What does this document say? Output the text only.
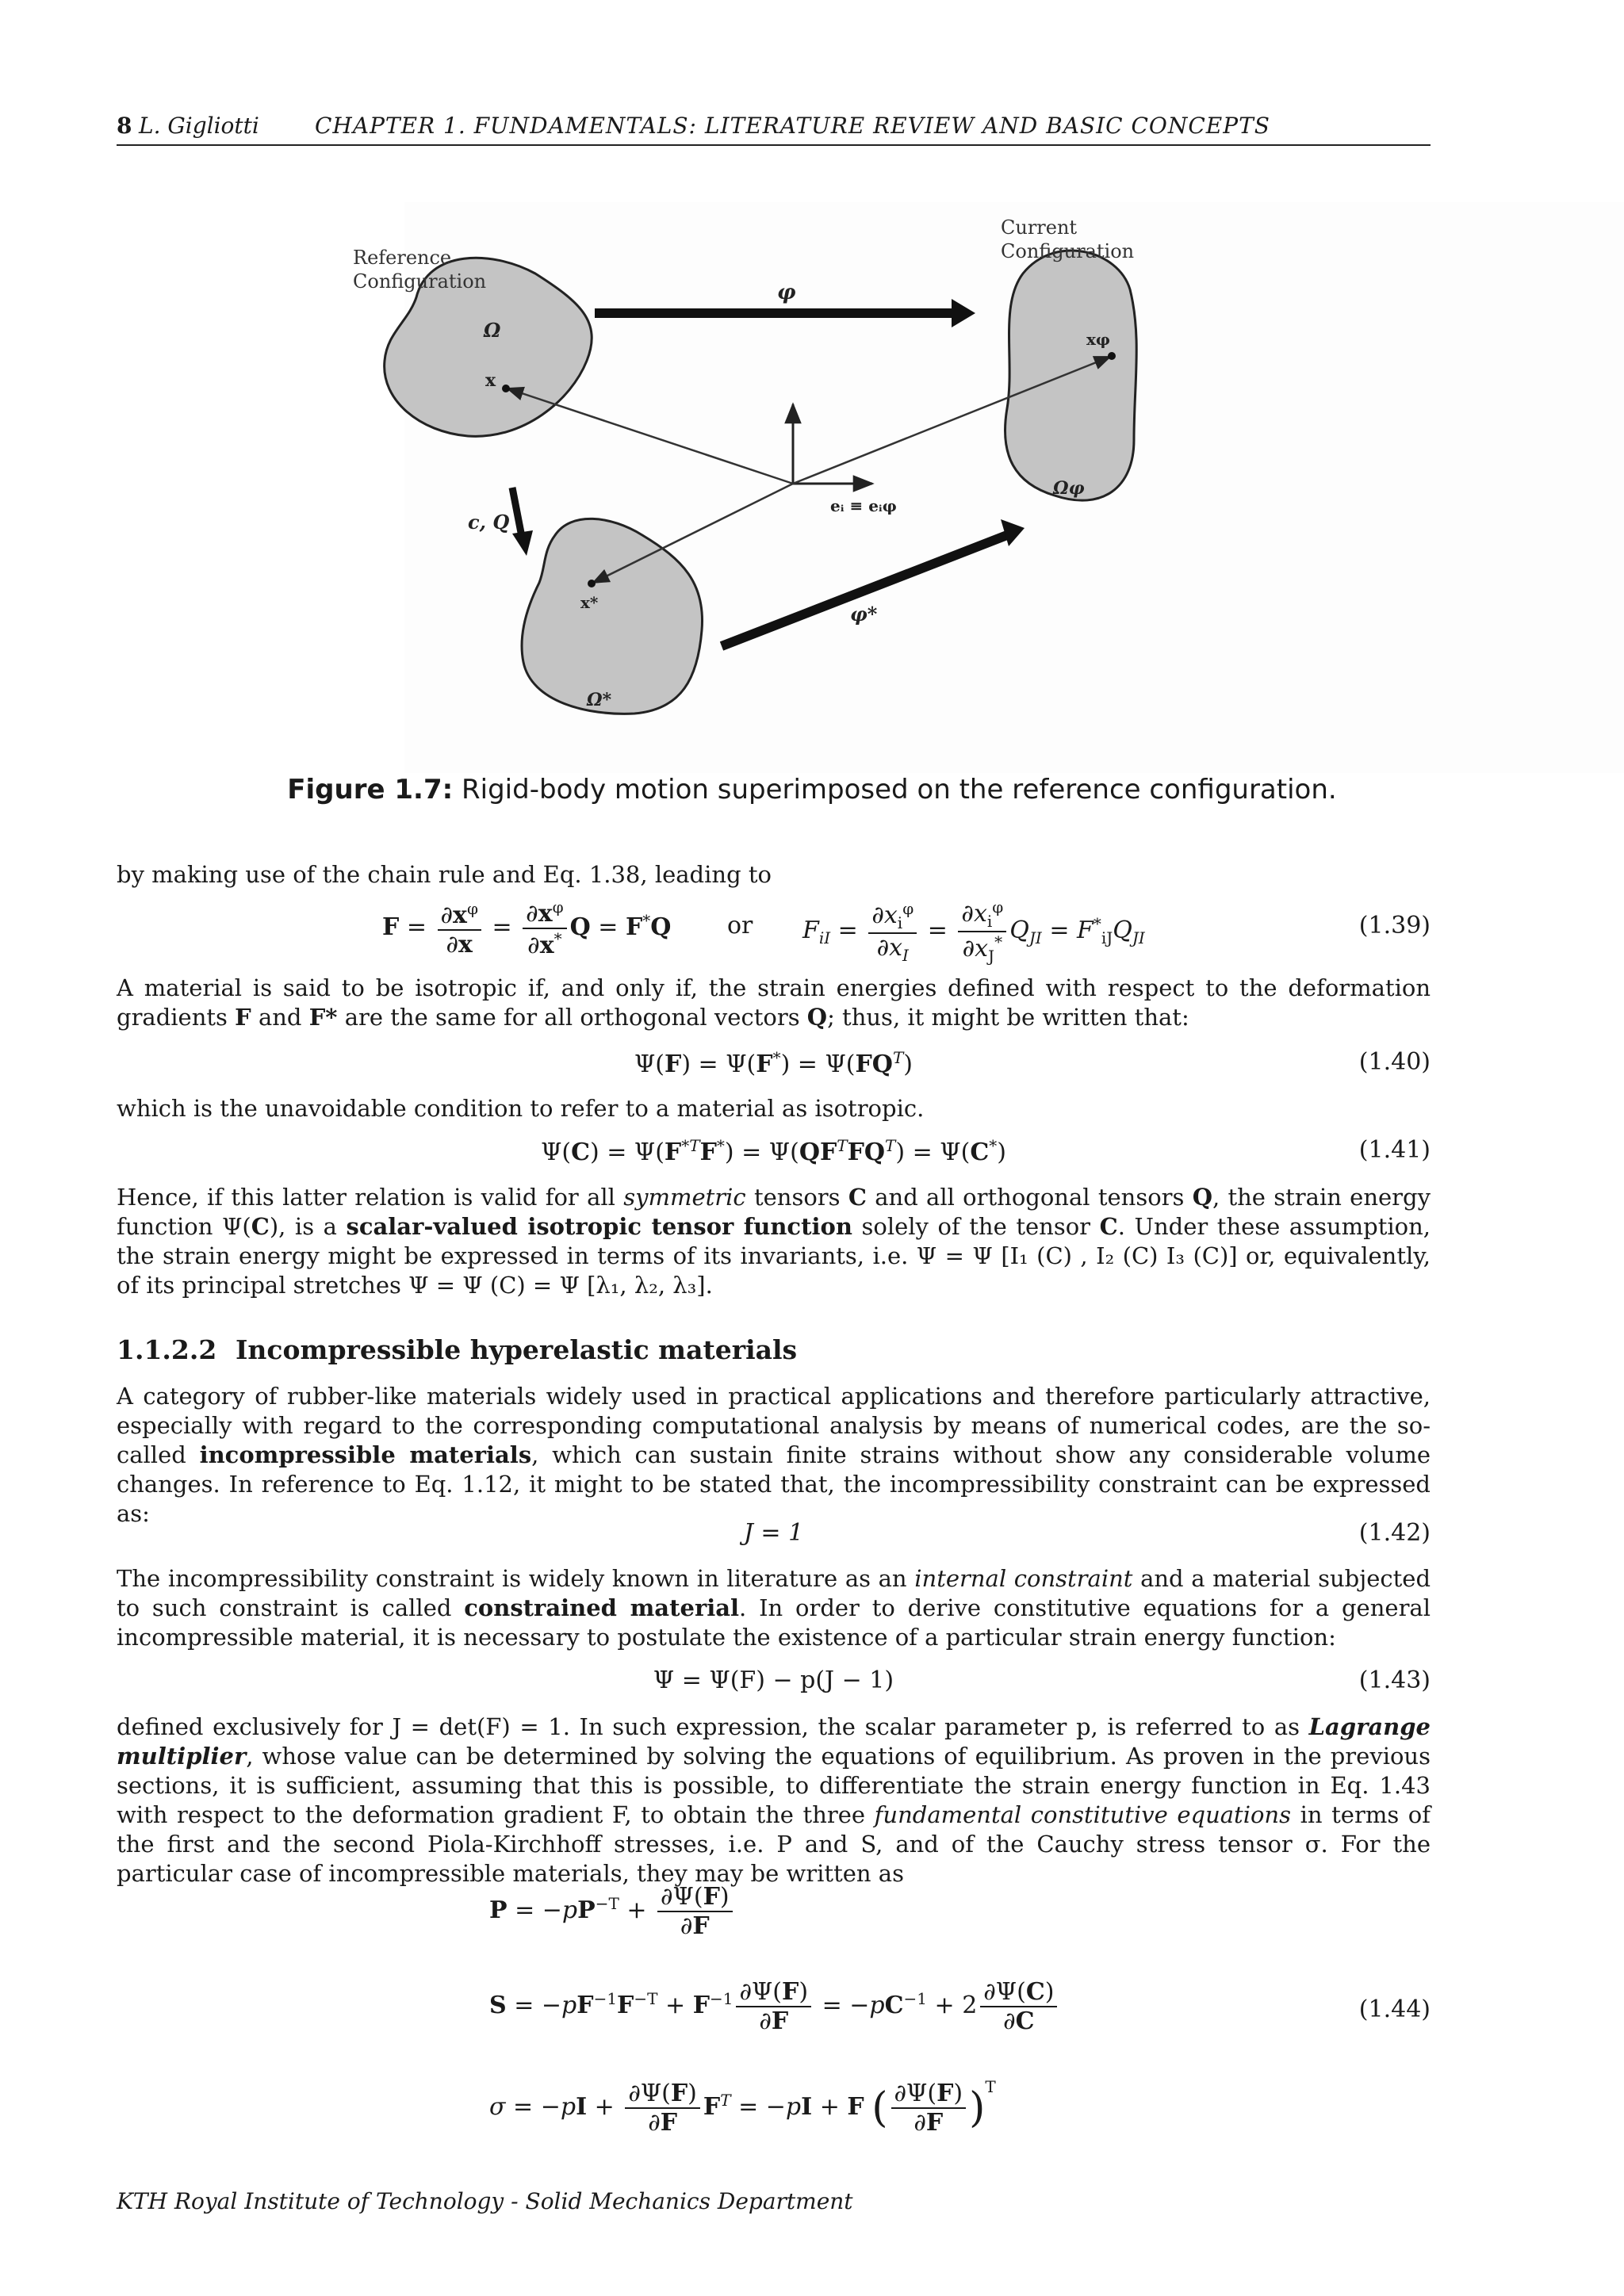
8 L. Gigliotti	CHAPTER 1. FUNDAMENTALS: LITERATURE REVIEW AND BASIC CONCEPTS
Reference
Configuration
Current
Configuration
φ
φ*
Ω
Ωφ
Ω*
x
xφ
x*
c, Q
eᵢ ≡ eᵢφ
Figure 1.7: Rigid-body motion superimposed on the reference configuration.
by making use of the chain rule and Eq. 1.38, leading to
$F = \frac{\partial x^\varphi}{\partial x} = \frac{\partial x^\varphi}{\partial x^*}$ Q = F*Q or $F_{iI} = \frac{\partial x_i^\varphi}{\partial x_I} = \frac{\partial x_i^\varphi}{\partial x_J^*} Q_{JI} = F^*_{iJ}Q_{JI}$	(1.39)
A material is said to be isotropic if, and only if, the strain energies defined with respect to the deformation gradients F and F* are the same for all orthogonal vectors Q; thus, it might be written that:
$\Psi(F) = \Psi(F^*) = \Psi(FQ^T)$	(1.40)
which is the unavoidable condition to refer to a material as isotropic.
$\Psi(C) = \Psi(F^{*T}F^*) = \Psi(QF^TFQ^T) = \Psi(C^*)$	(1.41)
Hence, if this latter relation is valid for all symmetric tensors C and all orthogonal tensors Q, the strain energy function Ψ(C), is a scalar-valued isotropic tensor function solely of the tensor C. Under these assumption, the strain energy might be expressed in terms of its invariants, i.e. Ψ = Ψ [I₁ (C) , I₂ (C) I₃ (C)] or, equivalently, of its principal stretches Ψ = Ψ (C) = Ψ [λ₁, λ₂, λ₃].
1.1.2.2 Incompressible hyperelastic materials
A category of rubber-like materials widely used in practical applications and therefore particularly attractive, especially with regard to the corresponding computational analysis by means of numerical codes, are the so-called incompressible materials, which can sustain finite strains without show any considerable volume changes. In reference to Eq. 1.12, it might to be stated that, the incompressibility constraint can be expressed as:
J = 1	(1.42)
The incompressibility constraint is widely known in literature as an internal constraint and a material subjected to such constraint is called constrained material. In order to derive constitutive equations for a general incompressible material, it is necessary to postulate the existence of a particular strain energy function:
Ψ = Ψ(F) − p(J − 1)	(1.43)
defined exclusively for J = det(F) = 1. In such expression, the scalar parameter p, is referred to as Lagrange multiplier, whose value can be determined by solving the equations of equilibrium. As proven in the previous sections, it is sufficient, assuming that this is possible, to differentiate the strain energy function in Eq. 1.43 with respect to the deformation gradient F, to obtain the three fundamental constitutive equations in terms of the first and the second Piola-Kirchhoff stresses, i.e. P and S, and of the Cauchy stress tensor σ. For the particular case of incompressible materials, they may be written as
$P = -pP^{-T} + \frac{\partial\Psi(F)}{\partial F}$
$S = -pF^{-1}F^{-T} + F^{-1} \frac{\partial\Psi(F)}{\partial F} = -pC^{-1} + 2 \frac{\partial\Psi(C)}{\partial C}$
$\sigma = -pI + \frac{\partial\Psi(F)}{\partial F} F^T = -pI + F$ ( $\frac{\partial\Psi(F)}{\partial F} )^T$
(1.44)
KTH Royal Institute of Technology - Solid Mechanics Department
